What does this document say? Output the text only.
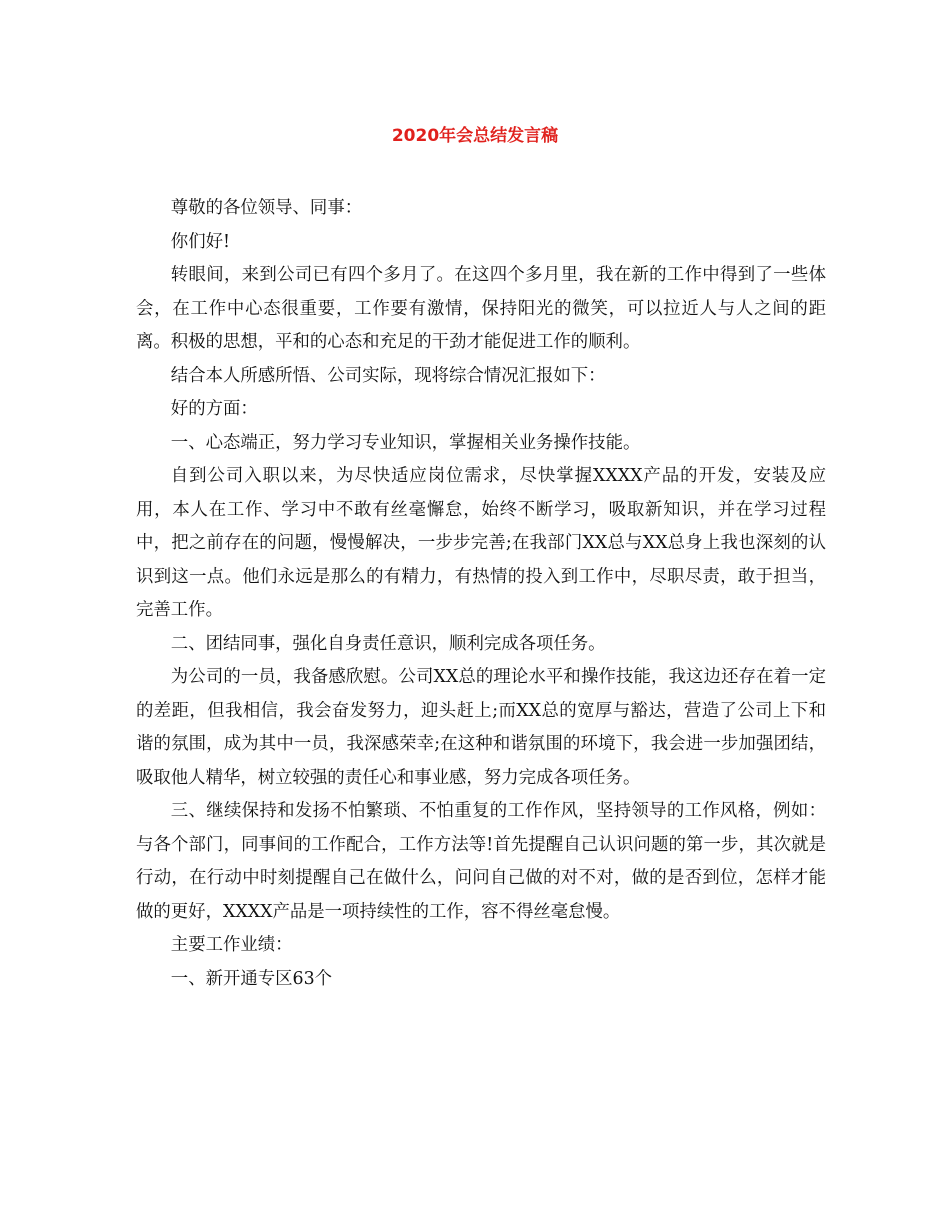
2020年会总结发言稿

尊敬的各位领导、同事：

你们好!

转眼间，来到公司已有四个多月了。在这四个多月里，我在新的工作中得到了一些体会，在工作中心态很重要，工作要有激情，保持阳光的微笑，可以拉近人与人之间的距离。积极的思想，平和的心态和充足的干劲才能促进工作的顺利。

结合本人所感所悟、公司实际，现将综合情况汇报如下：

好的方面：

一、心态端正，努力学习专业知识，掌握相关业务操作技能。

自到公司入职以来，为尽快适应岗位需求，尽快掌握XXXX产品的开发，安装及应用，本人在工作、学习中不敢有丝毫懈怠，始终不断学习，吸取新知识，并在学习过程中，把之前存在的问题，慢慢解决，一步步完善;在我部门XX总与XX总身上我也深刻的认识到这一点。他们永远是那么的有精力，有热情的投入到工作中，尽职尽责，敢于担当，完善工作。

二、团结同事，强化自身责任意识，顺利完成各项任务。

为公司的一员，我备感欣慰。公司XX总的理论水平和操作技能，我这边还存在着一定的差距，但我相信，我会奋发努力，迎头赶上;而XX总的宽厚与豁达，营造了公司上下和谐的氛围，成为其中一员，我深感荣幸;在这种和谐氛围的环境下，我会进一步加强团结，吸取他人精华，树立较强的责任心和事业感，努力完成各项任务。

三、继续保持和发扬不怕繁琐、不怕重复的工作作风，坚持领导的工作风格，例如：与各个部门，同事间的工作配合，工作方法等!首先提醒自己认识问题的第一步，其次就是行动，在行动中时刻提醒自己在做什么，问问自己做的对不对，做的是否到位，怎样才能做的更好，XXXX产品是一项持续性的工作，容不得丝毫怠慢。

主要工作业绩：

一、新开通专区63个
